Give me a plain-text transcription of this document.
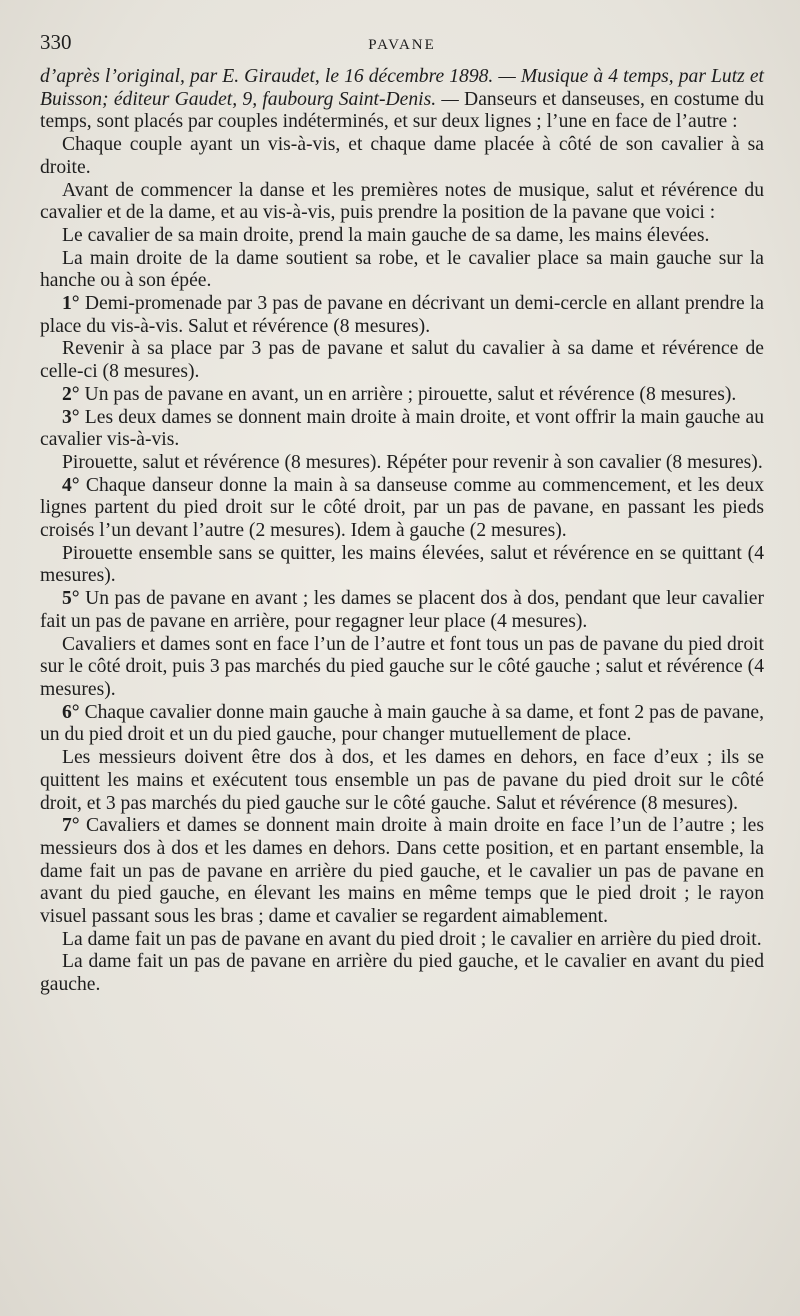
330	PAVANE

d’après l’original, par E. Giraudet, le 16 décembre 1898. — Musique à 4 temps, par Lutz et Buisson; éditeur Gaudet, 9, faubourg Saint-Denis. — Danseurs et danseuses, en costume du temps, sont placés par couples indéterminés, et sur deux lignes ; l’une en face de l’autre :

Chaque couple ayant un vis-à-vis, et chaque dame placée à côté de son cavalier à sa droite.

Avant de commencer la danse et les premières notes de musique, salut et révérence du cavalier et de la dame, et au vis-à-vis, puis prendre la position de la pavane que voici :

Le cavalier de sa main droite, prend la main gauche de sa dame, les mains élevées.

La main droite de la dame soutient sa robe, et le cavalier place sa main gauche sur la hanche ou à son épée.

1° Demi-promenade par 3 pas de pavane en décrivant un demi-cercle en allant prendre la place du vis-à-vis. Salut et révérence (8 mesures).

Revenir à sa place par 3 pas de pavane et salut du cavalier à sa dame et révérence de celle-ci (8 mesures).

2° Un pas de pavane en avant, un en arrière ; pirouette, salut et révérence (8 mesures).

3° Les deux dames se donnent main droite à main droite, et vont offrir la main gauche au cavalier vis-à-vis.

Pirouette, salut et révérence (8 mesures). Répéter pour revenir à son cavalier (8 mesures).

4° Chaque danseur donne la main à sa danseuse comme au commencement, et les deux lignes partent du pied droit sur le côté droit, par un pas de pavane, en passant les pieds croisés l’un devant l’autre (2 mesures). Idem à gauche (2 mesures).

Pirouette ensemble sans se quitter, les mains élevées, salut et révérence en se quittant (4 mesures).

5° Un pas de pavane en avant ; les dames se placent dos à dos, pendant que leur cavalier fait un pas de pavane en arrière, pour regagner leur place (4 mesures).

Cavaliers et dames sont en face l’un de l’autre et font tous un pas de pavane du pied droit sur le côté droit, puis 3 pas marchés du pied gauche sur le côté gauche ; salut et révérence (4 mesures).

6° Chaque cavalier donne main gauche à main gauche à sa dame, et font 2 pas de pavane, un du pied droit et un du pied gauche, pour changer mutuellement de place.

Les messieurs doivent être dos à dos, et les dames en dehors, en face d’eux ; ils se quittent les mains et exécutent tous ensemble un pas de pavane du pied droit sur le côté droit, et 3 pas marchés du pied gauche sur le côté gauche. Salut et révérence (8 mesures).

7° Cavaliers et dames se donnent main droite à main droite en face l’un de l’autre ; les messieurs dos à dos et les dames en dehors. Dans cette position, et en partant ensemble, la dame fait un pas de pavane en arrière du pied gauche, et le cavalier un pas de pavane en avant du pied gauche, en élevant les mains en même temps que le pied droit ; le rayon visuel passant sous les bras ; dame et cavalier se regardent aimablement.

La dame fait un pas de pavane en avant du pied droit ; le cavalier en arrière du pied droit.

La dame fait un pas de pavane en arrière du pied gauche, et le cavalier en avant du pied gauche.
